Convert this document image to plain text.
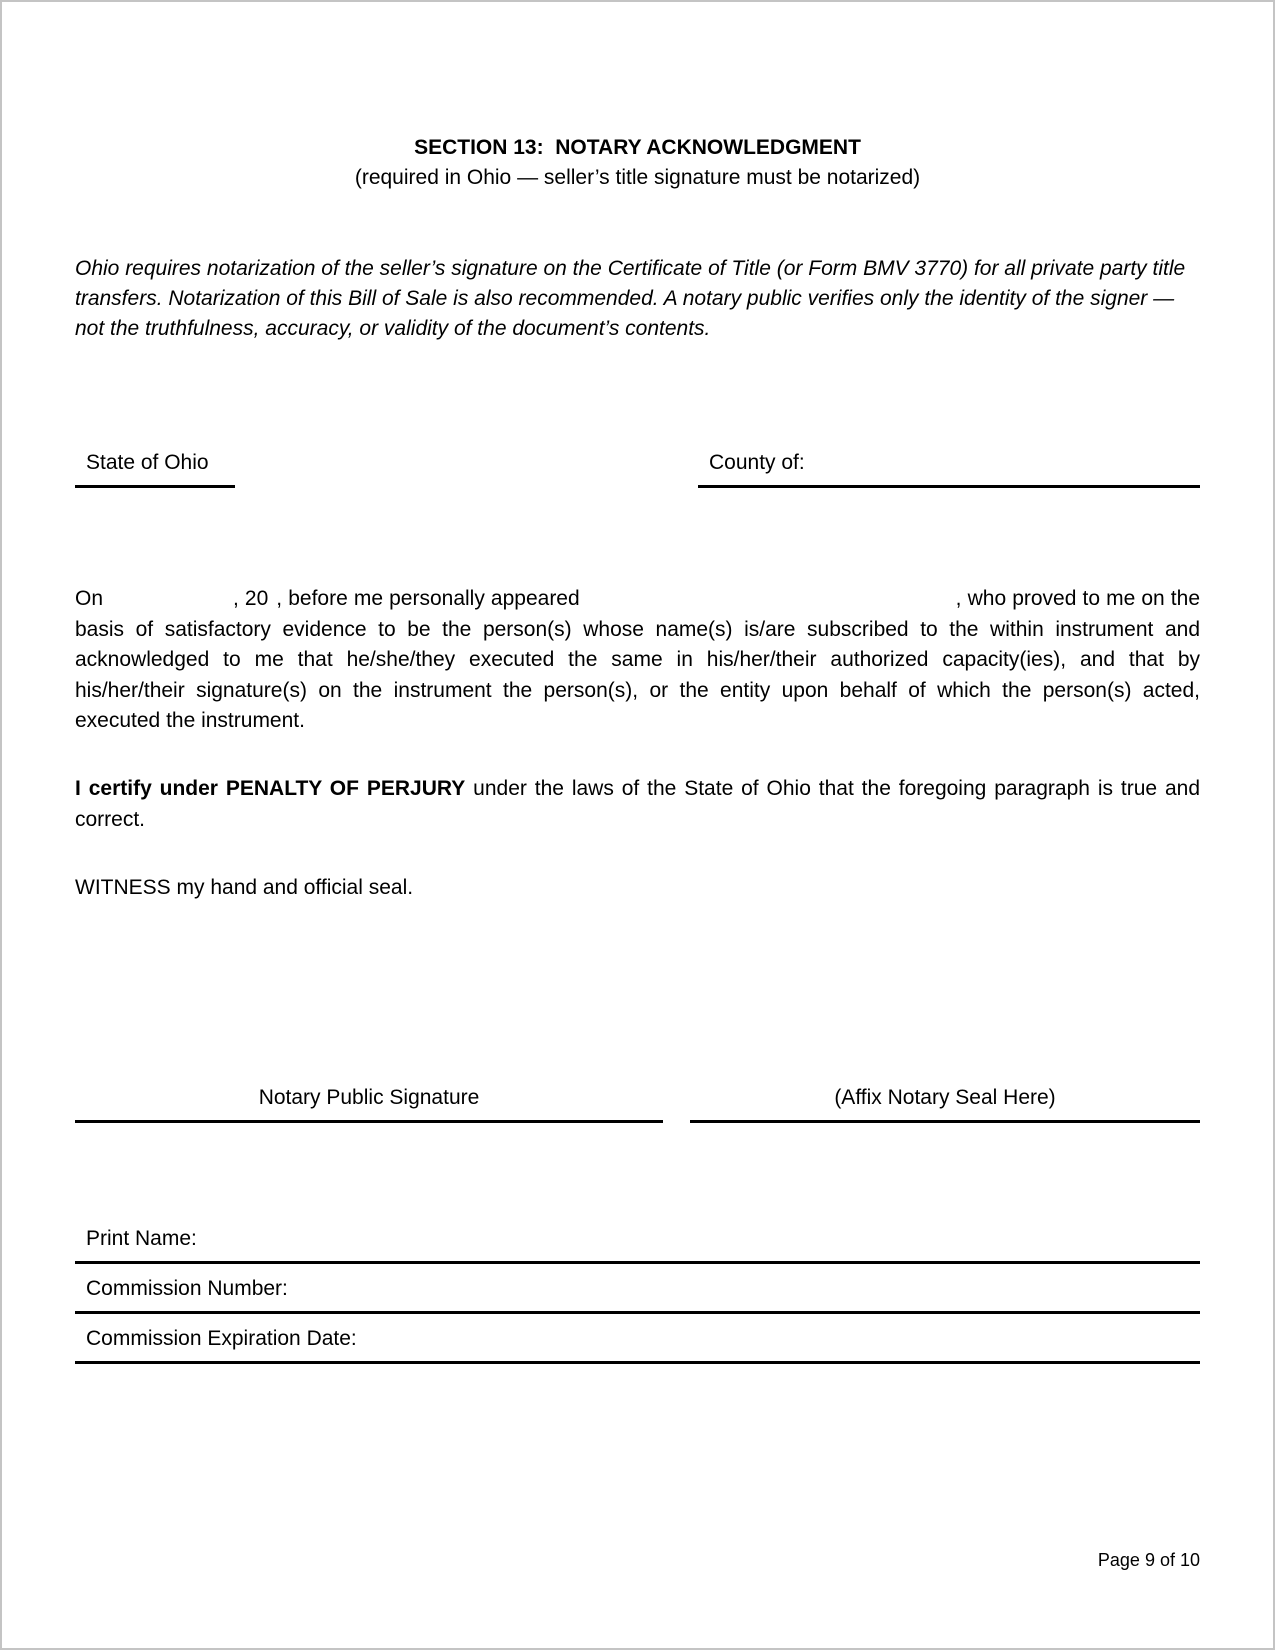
SECTION 13:  NOTARY ACKNOWLEDGMENT
(required in Ohio — seller’s title signature must be notarized)
Ohio requires notarization of the seller’s signature on the Certificate of Title (or Form BMV 3770) for all private party title transfers. Notarization of this Bill of Sale is also recommended. A notary public verifies only the identity of the signer — not the truthfulness, accuracy, or validity of the document’s contents.
State of Ohio	County of:
On	, 20 , before me personally appeared	, who proved to me on the basis of satisfactory evidence to be the person(s) whose name(s) is/are subscribed to the within instrument and acknowledged to me that he/she/they executed the same in his/her/their authorized capacity(ies), and that by his/her/their signature(s) on the instrument the person(s), or the entity upon behalf of which the person(s) acted, executed the instrument.
I certify under PENALTY OF PERJURY under the laws of the State of Ohio that the foregoing paragraph is true and correct.
WITNESS my hand and official seal.
Notary Public Signature	(Affix Notary Seal Here)
Print Name:
Commission Number:
Commission Expiration Date:
Page 9 of 10
